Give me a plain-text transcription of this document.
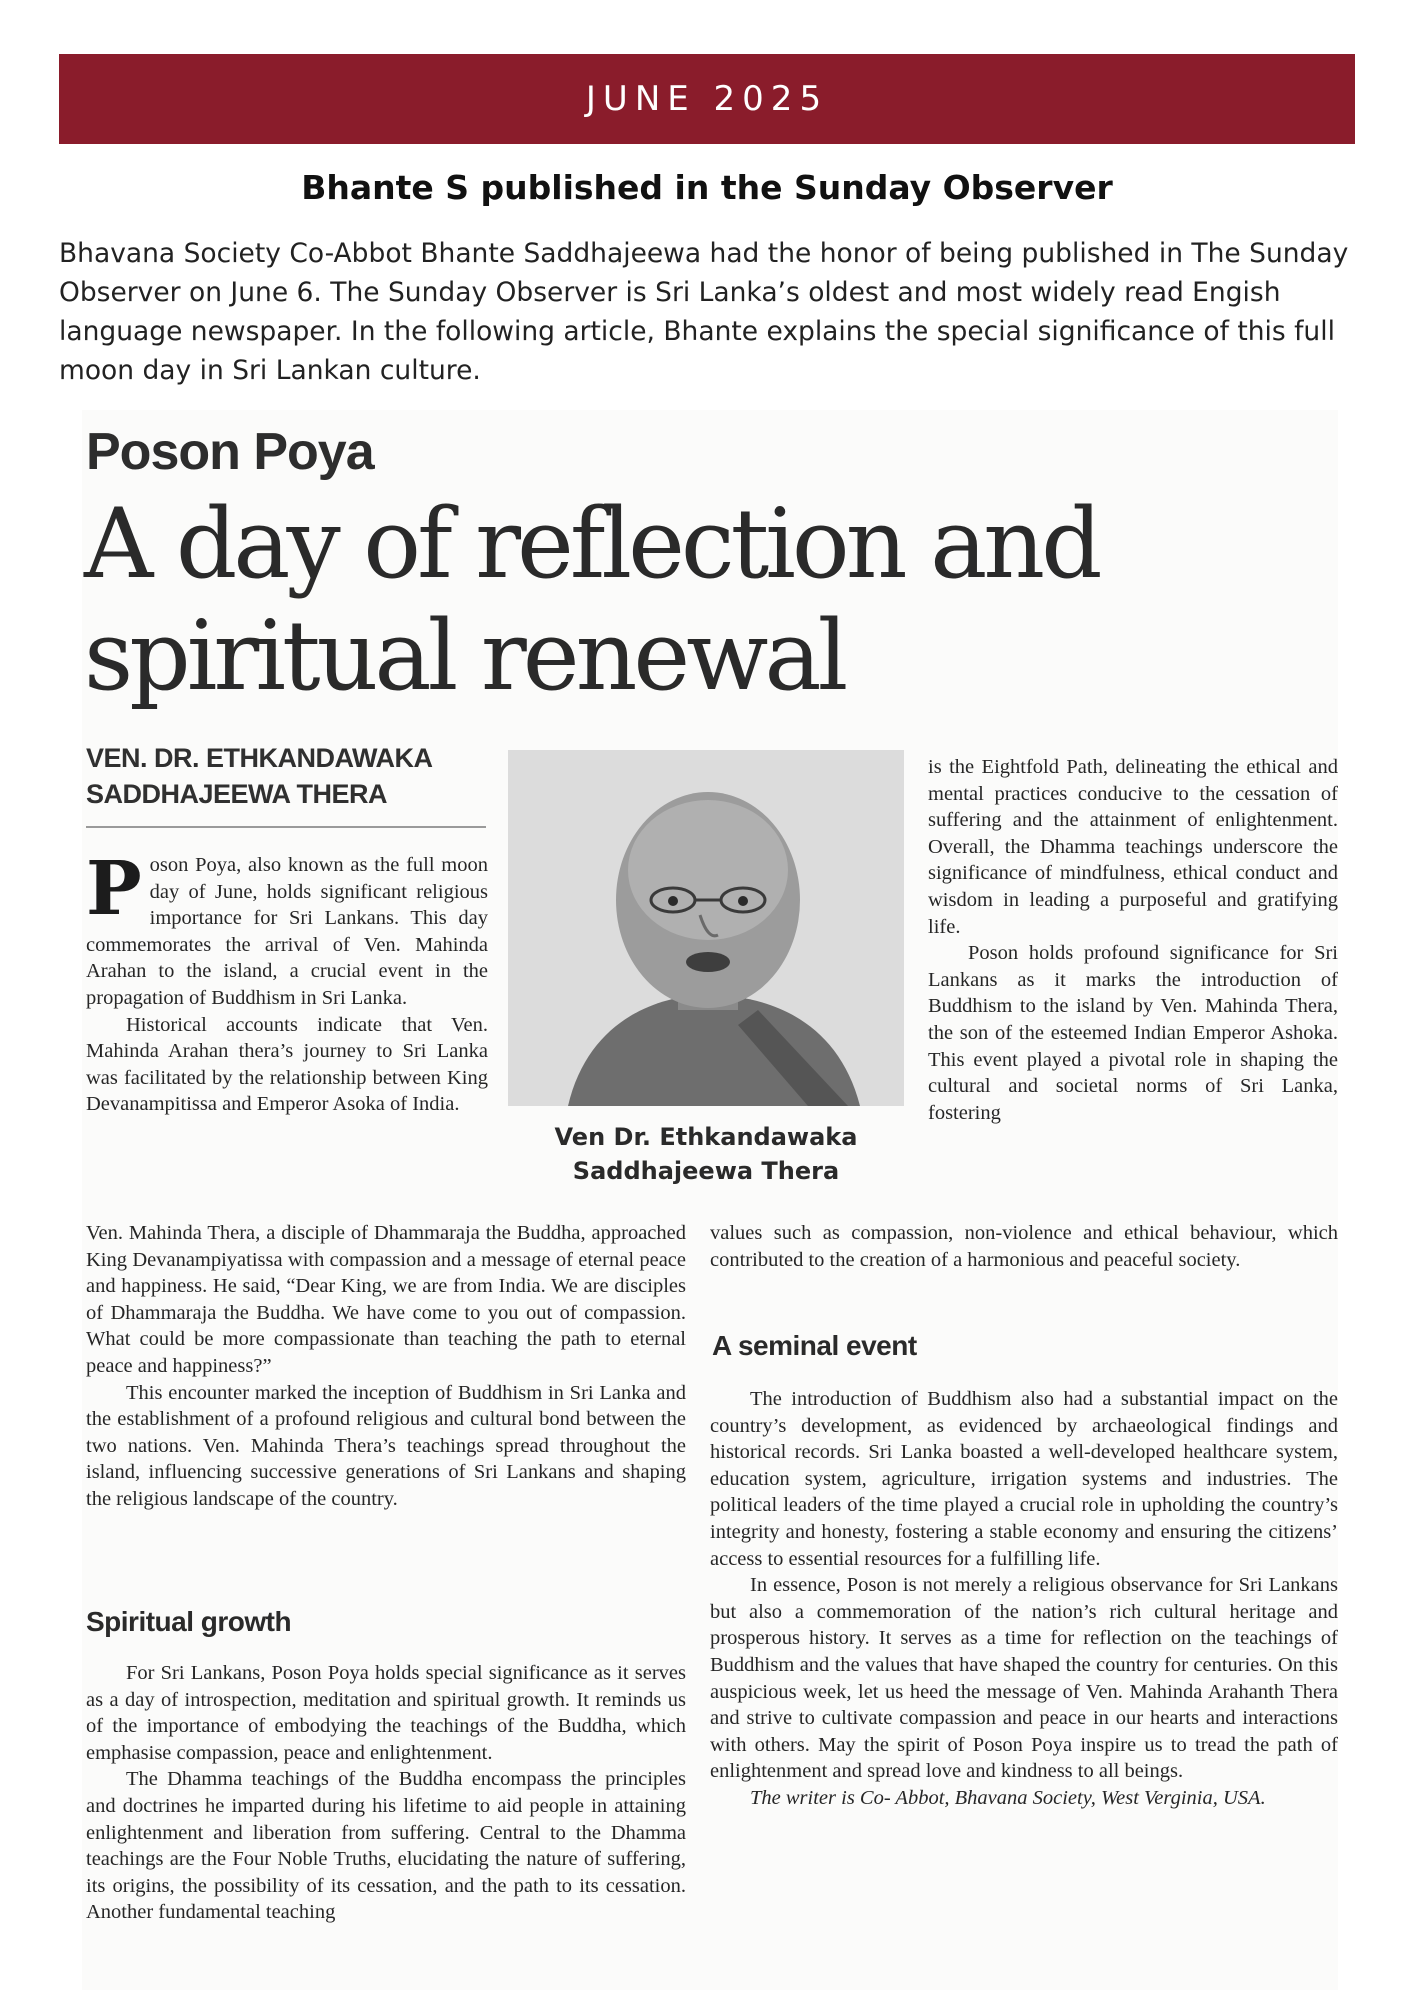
JUNE 2025
Bhante S published in the Sunday Observer
Bhavana Society Co-Abbot Bhante Saddhajeewa had the honor of being published in The Sunday Observer on June 6. The Sunday Observer is Sri Lanka’s oldest and most widely read Engish language newspaper. In the following article, Bhante explains the special significance of this full moon day in Sri Lankan culture.
Poson Poya
A day of reflection and spiritual renewal
VEN. DR. ETHKANDAWAKA SADDHAJEEWA THERA
Ven Dr. Ethkandawaka Saddhajeewa Thera

Poson Poya, also known as the full moon day of June, holds significant religious importance for Sri Lankans. This day commemorates the arrival of Ven. Mahinda Arahan to the island, a crucial event in the propagation of Buddhism in Sri Lanka.

Historical accounts indicate that Ven. Mahinda Arahan thera’s journey to Sri Lanka was facilitated by the relationship between King Devanampitissa and Emperor Asoka of India.

Ven. Mahinda Thera, a disciple of Dhammaraja the Buddha, approached King Devanampiyatissa with compassion and a message of eternal peace and happiness. He said, “Dear King, we are from India. We are disciples of Dhammaraja the Buddha. We have come to you out of compassion. What could be more compassionate than teaching the path to eternal peace and happiness?”

This encounter marked the inception of Buddhism in Sri Lanka and the establishment of a profound religious and cultural bond between the two nations. Ven. Mahinda Thera’s teachings spread throughout the island, influencing successive generations of Sri Lankans and shaping the religious landscape of the country.

Spiritual growth

For Sri Lankans, Poson Poya holds special significance as it serves as a day of introspection, meditation and spiritual growth. It reminds us of the importance of embodying the teachings of the Buddha, which emphasise compassion, peace and enlightenment.

The Dhamma teachings of the Buddha encompass the principles and doctrines he imparted during his lifetime to aid people in attaining enlightenment and liberation from suffering. Central to the Dhamma teachings are the Four Noble Truths, elucidating the nature of suffering, its origins, the possibility of its cessation, and the path to its cessation. Another fundamental teaching

is the Eightfold Path, delineating the ethical and mental practices conducive to the cessation of suffering and the attainment of enlightenment. Overall, the Dhamma teachings underscore the significance of mindfulness, ethical conduct and wisdom in leading a purposeful and gratifying life.

Poson holds profound significance for Sri Lankans as it marks the introduction of Buddhism to the island by Ven. Mahinda Thera, the son of the esteemed Indian Emperor Ashoka. This event played a pivotal role in shaping the cultural and societal norms of Sri Lanka, fostering

values such as compassion, non-violence and ethical behaviour, which contributed to the creation of a harmonious and peaceful society.

A seminal event

The introduction of Buddhism also had a substantial impact on the country’s development, as evidenced by archaeological findings and historical records. Sri Lanka boasted a well-developed healthcare system, education system, agriculture, irrigation systems and industries. The political leaders of the time played a crucial role in upholding the country’s integrity and honesty, fostering a stable economy and ensuring the citizens’ access to essential resources for a fulfilling life.

In essence, Poson is not merely a religious observance for Sri Lankans but also a commemoration of the nation’s rich cultural heritage and prosperous history. It serves as a time for reflection on the teachings of Buddhism and the values that have shaped the country for centuries. On this auspicious week, let us heed the message of Ven. Mahinda Arahanth Thera and strive to cultivate compassion and peace in our hearts and interactions with others. May the spirit of Poson Poya inspire us to tread the path of enlightenment and spread love and kindness to all beings.

The writer is Co- Abbot, Bhavana Society, West Verginia, USA.
